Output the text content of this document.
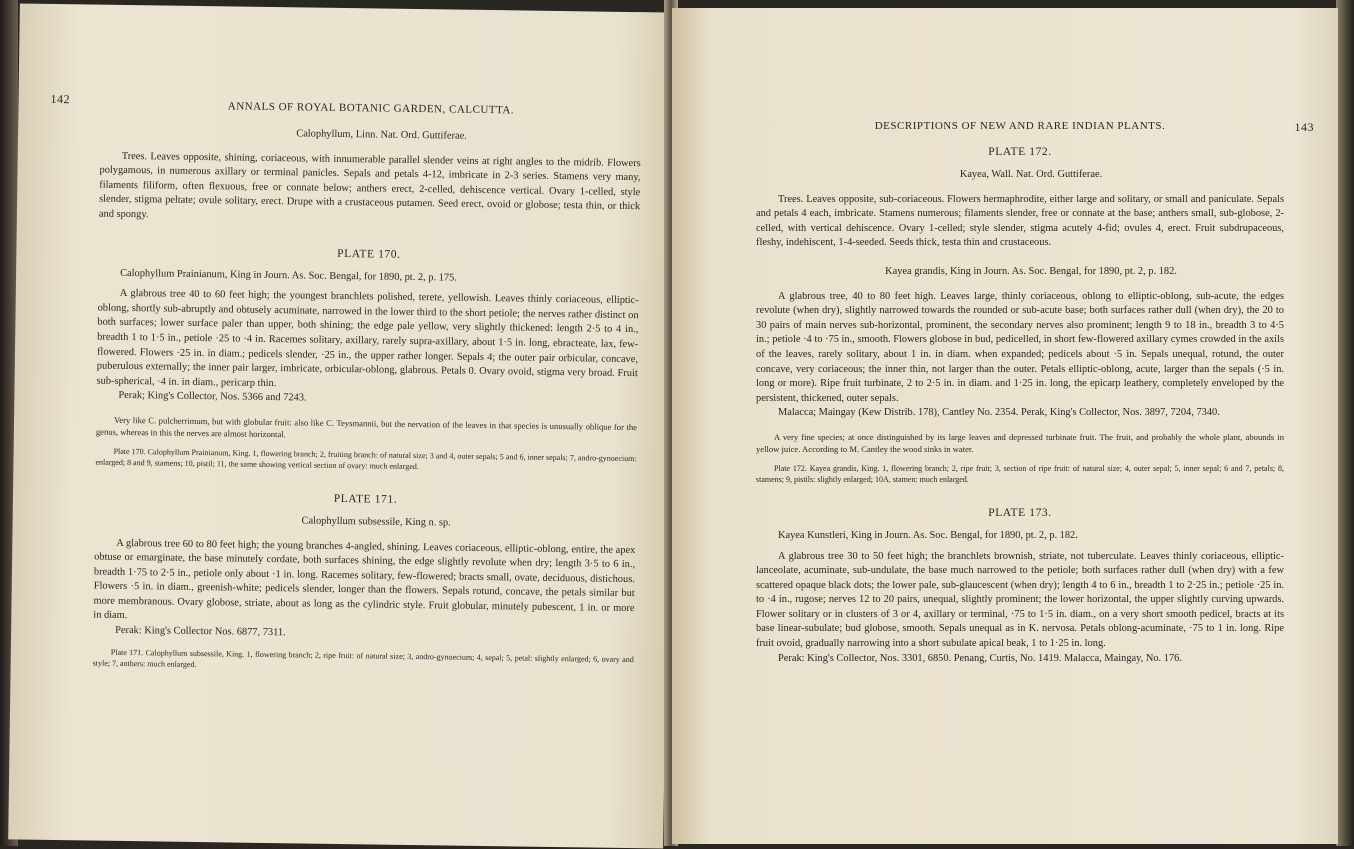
142
ANNALS OF ROYAL BOTANIC GARDEN, CALCUTTA.

Calophyllum, Linn. Nat. Ord. Guttiferae.

Trees. Leaves opposite, shining, coriaceous, with innumerable parallel slender veins at right angles to the midrib. Flowers polygamous, in numerous axillary or terminal panicles. Sepals and petals 4-12, imbricate in 2-3 series. Stamens very many, filaments filiform, often flexuous, free or connate below; anthers erect, 2-celled, dehiscence vertical. Ovary 1-celled, style slender, stigma peltate; ovule solitary, erect. Drupe with a crustaceous putamen. Seed erect, ovoid or globose; testa thin, or thick and spongy.

PLATE 170.

Calophyllum Prainianum, King in Journ. As. Soc. Bengal, for 1890, pt. 2, p. 175.

A glabrous tree 40 to 60 feet high; the youngest branchlets polished, terete, yellowish. Leaves thinly coriaceous, elliptic-oblong, shortly sub-abruptly and obtusely acuminate, narrowed in the lower third to the short petiole; the nerves rather distinct on both surfaces; lower surface paler than upper, both shining; the edge pale yellow, very slightly thickened: length 2·5 to 4 in., breadth 1 to 1·5 in., petiole ·25 to ·4 in. Racemes solitary, axillary, rarely supra-axillary, about 1·5 in. long, ebracteate, lax, few-flowered. Flowers ·25 in. in diam.; pedicels slender, ·25 in., the upper rather longer. Sepals 4; the outer pair orbicular, concave, puberulous externally; the inner pair larger, imbricate, orbicular-oblong, glabrous. Petals 0. Ovary ovoid, stigma very broad. Fruit sub-spherical, ·4 in. in diam., pericarp thin.

Perak; King's Collector, Nos. 5366 and 7243.

Very like C. pulcherrimum, but with globular fruit: also like C. Teysmannii, but the nervation of the leaves in that species is unusually oblique for the genus, whereas in this the nerves are almost horizontal.

Plate 170. Calophyllum Prainianum, King. 1, flowering branch; 2, fruiting branch: of natural size; 3 and 4, outer sepals; 5 and 6, inner sepals; 7, andro-gynoecium: enlarged; 8 and 9, stamens; 10, pistil; 11, the same showing vertical section of ovary: much enlarged.

PLATE 171.

Calophyllum subsessile, King n. sp.

A glabrous tree 60 to 80 feet high; the young branches 4-angled, shining. Leaves coriaceous, elliptic-oblong, entire, the apex obtuse or emarginate, the base minutely cordate, both surfaces shining, the edge slightly revolute when dry; length 3·5 to 6 in., breadth 1·75 to 2·5 in., petiole only about ·1 in. long. Racemes solitary, few-flowered; bracts small, ovate, deciduous, distichous. Flowers ·5 in. in diam., greenish-white; pedicels slender, longer than the flowers. Sepals rotund, concave, the petals similar but more membranous. Ovary globose, striate, about as long as the cylindric style. Fruit globular, minutely pubescent, 1 in. or more in diam.

Perak: King's Collector Nos. 6877, 7311.

Plate 171. Calophyllum subsessile, King. 1, flowering branch; 2, ripe fruit: of natural size; 3, andro-gynoecium; 4, sepal; 5, petal: slightly enlarged; 6, ovary and style; 7, anthers: much enlarged.

DESCRIPTIONS OF NEW AND RARE INDIAN PLANTS.	143
PLATE 172.

Kayea, Wall. Nat. Ord. Guttiferae.

Trees. Leaves opposite, sub-coriaceous. Flowers hermaphrodite, either large and solitary, or small and paniculate. Sepals and petals 4 each, imbricate. Stamens numerous; filaments slender, free or connate at the base; anthers small, sub-globose, 2-celled, with vertical dehiscence. Ovary 1-celled; style slender, stigma acutely 4-fid; ovules 4, erect. Fruit subdrupaceous, fleshy, indehiscent, 1-4-seeded. Seeds thick, testa thin and crustaceous.

Kayea grandis, King in Journ. As. Soc. Bengal, for 1890, pt. 2, p. 182.

A glabrous tree, 40 to 80 feet high. Leaves large, thinly coriaceous, oblong to elliptic-oblong, sub-acute, the edges revolute (when dry), slightly narrowed towards the rounded or sub-acute base; both surfaces rather dull (when dry), the 20 to 30 pairs of main nerves sub-horizontal, prominent, the secondary nerves also prominent; length 9 to 18 in., breadth 3 to 4·5 in.; petiole ·4 to ·75 in., smooth. Flowers globose in bud, pedicelled, in short few-flowered axillary cymes crowded in the axils of the leaves, rarely solitary, about 1 in. in diam. when expanded; pedicels about ·5 in. Sepals unequal, rotund, the outer concave, very coriaceous; the inner thin, not larger than the outer. Petals elliptic-oblong, acute, larger than the sepals (·5 in. long or more). Ripe fruit turbinate, 2 to 2·5 in. in diam. and 1·25 in. long, the epicarp leathery, completely enveloped by the persistent, thickened, outer sepals.

Malacca; Maingay (Kew Distrib. 178), Cantley No. 2354. Perak, King's Collector, Nos. 3897, 7204, 7340.

A very fine species; at once distinguished by its large leaves and depressed turbinate fruit. The fruit, and probably the whole plant, abounds in yellow juice. According to M. Cantley the wood sinks in water.

Plate 172. Kayea grandis, King. 1, flowering branch; 2, ripe fruit; 3, section of ripe fruit: of natural size; 4, outer sepal; 5, inner sepal; 6 and 7, petals; 8, stamens; 9, pistils: slightly enlarged; 10A, stamen: much enlarged.

PLATE 173.

Kayea Kunstleri, King in Journ. As. Soc. Bengal, for 1890, pt. 2, p. 182.

A glabrous tree 30 to 50 feet high; the branchlets brownish, striate, not tuberculate. Leaves thinly coriaceous, elliptic-lanceolate, acuminate, sub-undulate, the base much narrowed to the petiole; both surfaces rather dull (when dry) with a few scattered opaque black dots; the lower pale, sub-glaucescent (when dry); length 4 to 6 in., breadth 1 to 2·25 in.; petiole ·25 in. to ·4 in., rugose; nerves 12 to 20 pairs, unequal, slightly prominent; the lower horizontal, the upper slightly curving upwards. Flower solitary or in clusters of 3 or 4, axillary or terminal, ·75 to 1·5 in. diam., on a very short smooth pedicel, bracts at its base linear-subulate; bud globose, smooth. Sepals unequal as in K. nervosa. Petals oblong-acuminate, ·75 to 1 in. long. Ripe fruit ovoid, gradually narrowing into a short subulate apical beak, 1 to 1·25 in. long.

Perak: King's Collector, Nos. 3301, 6850. Penang, Curtis, No. 1419. Malacca, Maingay, No. 176.
